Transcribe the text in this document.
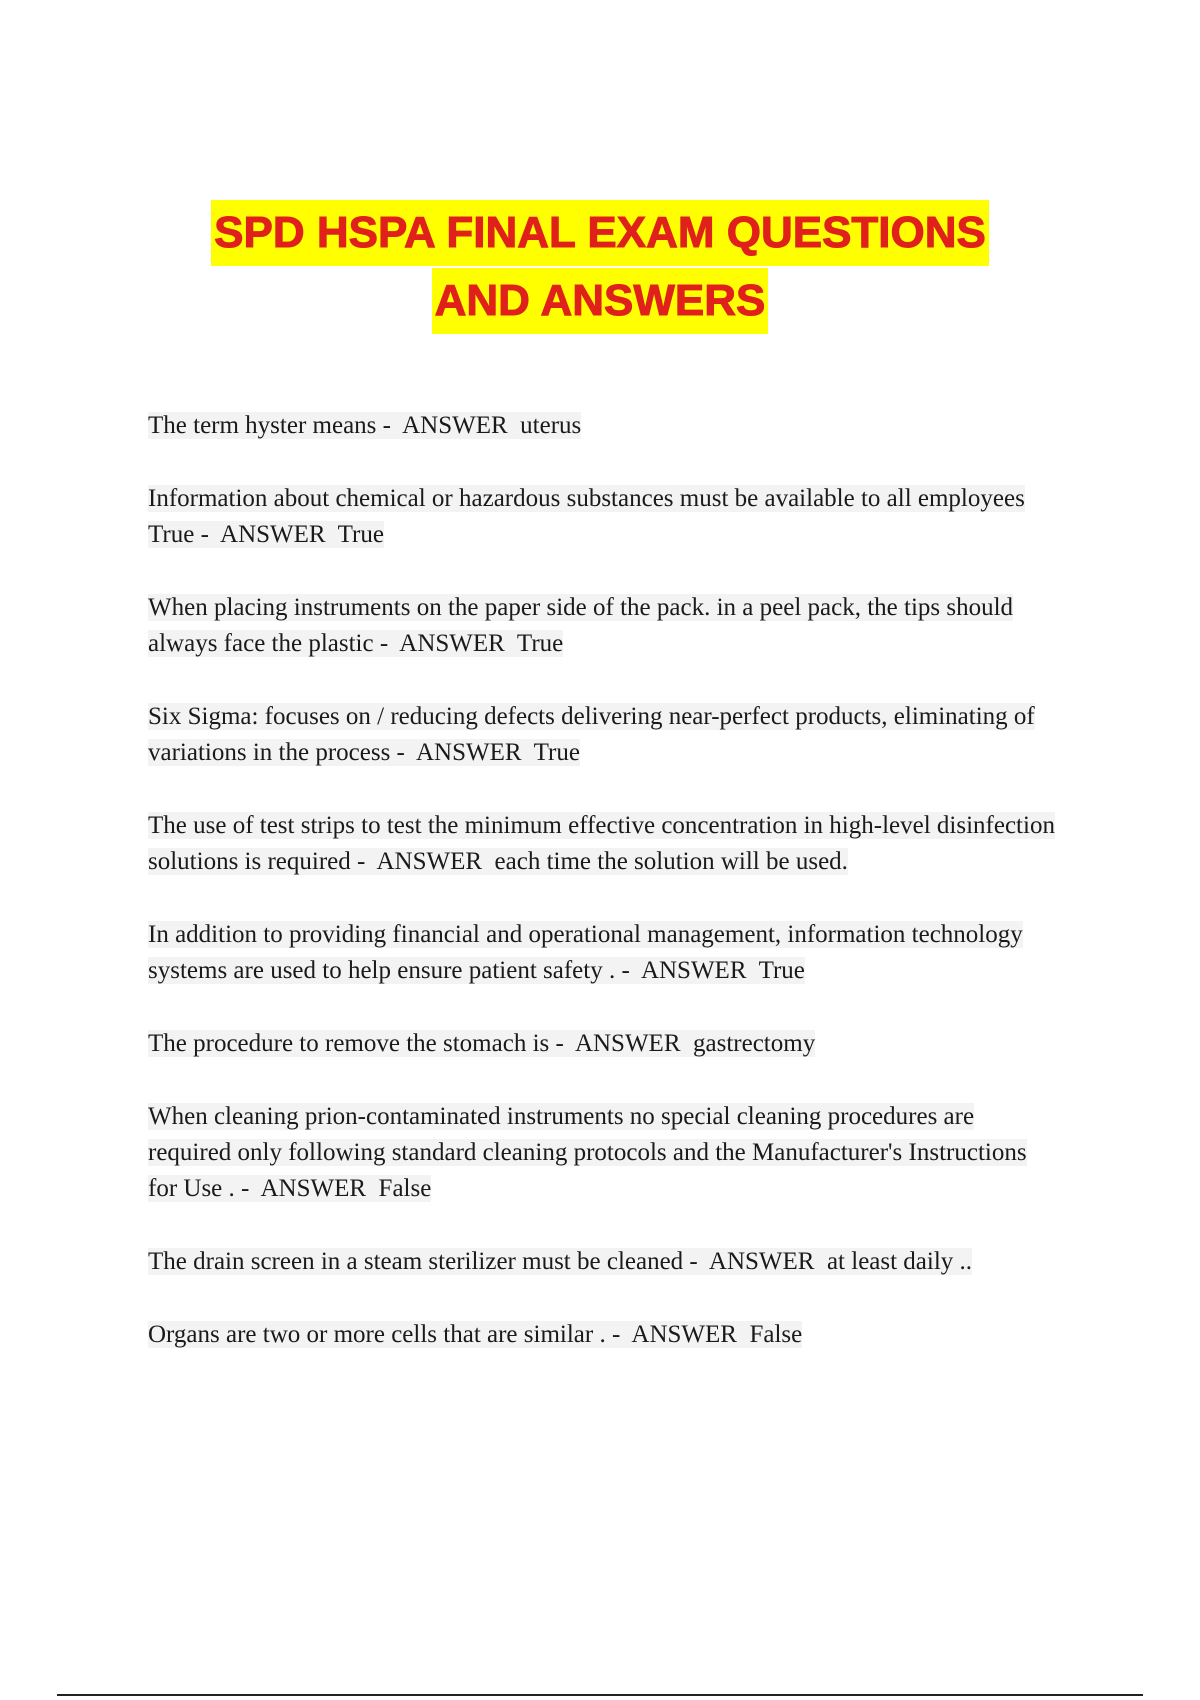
SPD HSPA FINAL EXAM QUESTIONS
AND ANSWERS
The term hyster means - ANSWER uterus
Information about chemical or hazardous substances must be available to all employees True - ANSWER True
When placing instruments on the paper side of the pack. in a peel pack, the tips should always face the plastic - ANSWER True
Six Sigma: focuses on / reducing defects delivering near-perfect products, eliminating of variations in the process - ANSWER True
The use of test strips to test the minimum effective concentration in high-level disinfection solutions is required - ANSWER each time the solution will be used.
In addition to providing financial and operational management, information technology systems are used to help ensure patient safety . - ANSWER True
The procedure to remove the stomach is - ANSWER gastrectomy
When cleaning prion-contaminated instruments no special cleaning procedures are required only following standard cleaning protocols and the Manufacturer's Instructions for Use . - ANSWER False
The drain screen in a steam sterilizer must be cleaned - ANSWER at least daily ..
Organs are two or more cells that are similar . - ANSWER False
